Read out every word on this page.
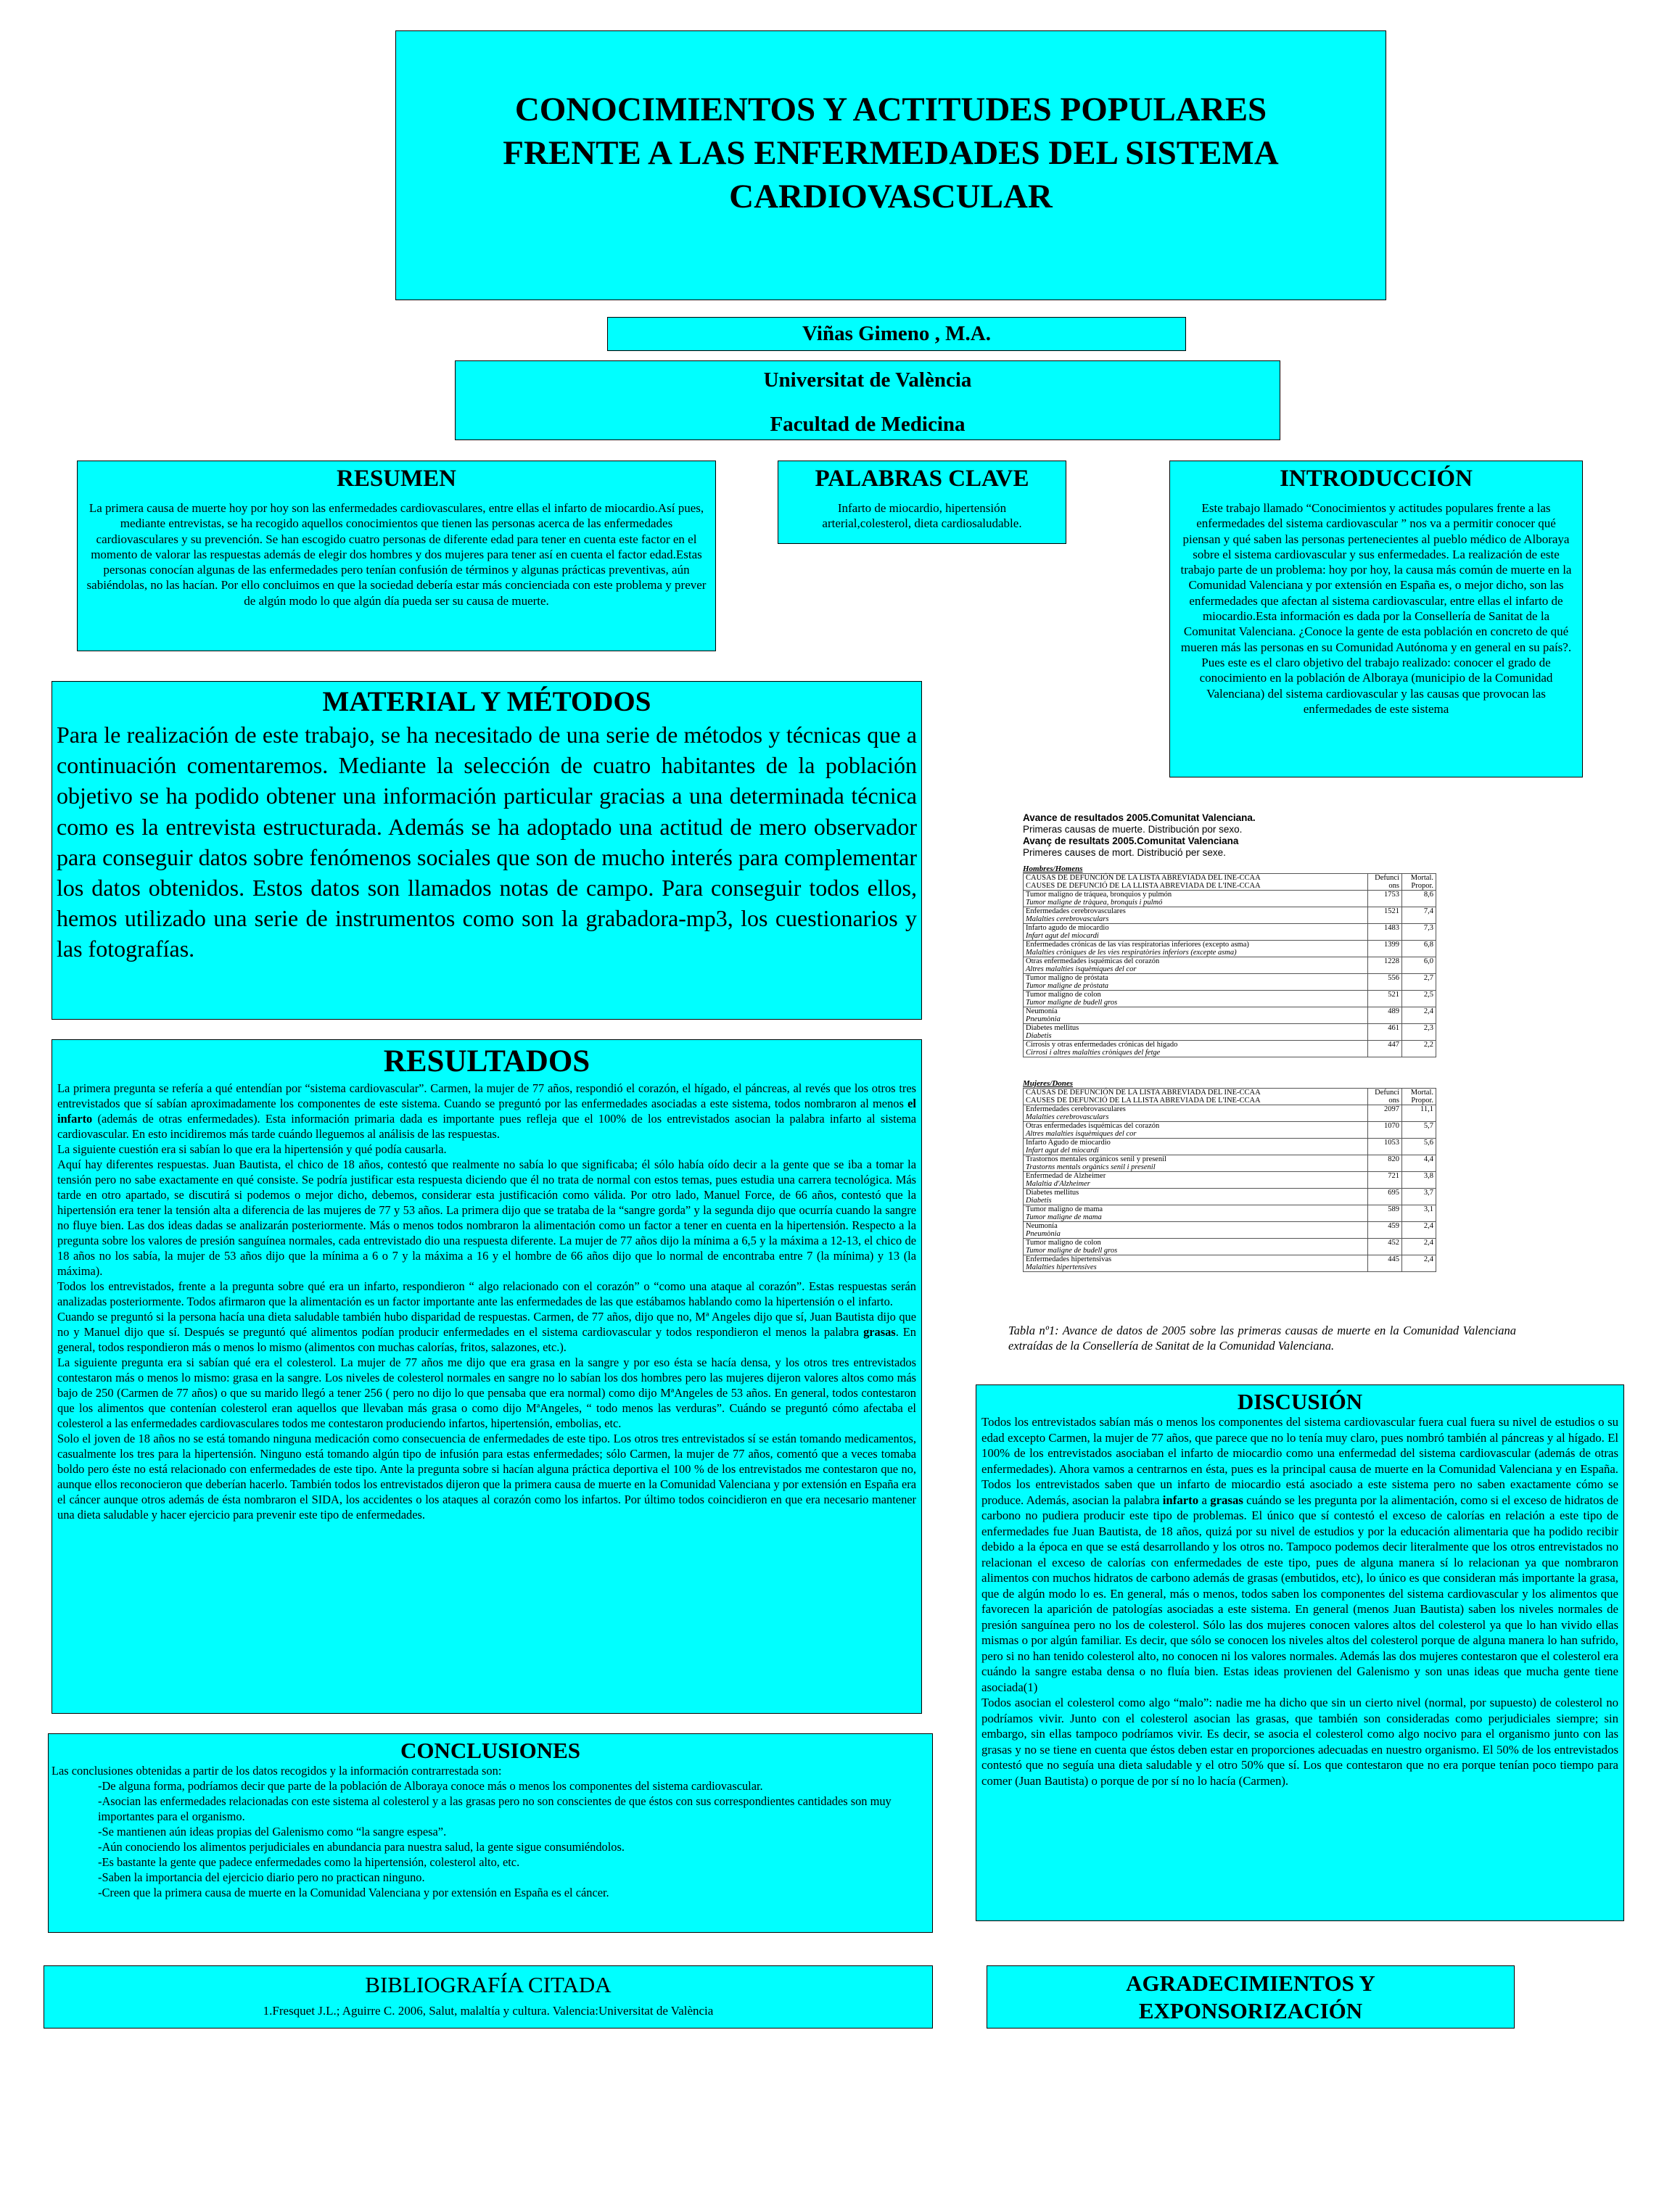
CONOCIMIENTOS Y ACTITUDES POPULARES FRENTE A LAS ENFERMEDADES DEL SISTEMA CARDIOVASCULAR
Viñas Gimeno , M.A.
Universitat de València
Facultad de Medicina
RESUMEN

La primera causa de muerte hoy por hoy son las enfermedades cardiovasculares, entre ellas el infarto de miocardio.Así pues, mediante entrevistas, se ha recogido aquellos conocimientos que tienen las personas acerca de las enfermedades cardiovasculares y su prevención. Se han escogido cuatro personas de diferente edad para tener en cuenta este factor en el momento de valorar las respuestas además de elegir dos hombres y dos mujeres para tener así en cuenta el factor edad.Estas personas conocían algunas de las enfermedades pero tenían confusión de términos y algunas prácticas preventivas, aún sabiéndolas, no las hacían. Por ello concluimos en que la sociedad debería estar más concienciada con este problema y prever de algún modo lo que algún día pueda ser su causa de muerte.

PALABRAS CLAVE

Infarto de miocardio, hipertensión arterial,colesterol, dieta cardiosaludable.

INTRODUCCIÓN

Este trabajo llamado “Conocimientos y actitudes populares frente a las enfermedades del sistema cardiovascular ” nos va a permitir conocer qué piensan y qué saben las personas pertenecientes al pueblo médico de Alboraya sobre el sistema cardiovascular y sus enfermedades. La realización de este trabajo parte de un problema: hoy por hoy, la causa más común de muerte en la Comunidad Valenciana y por extensión en España es, o mejor dicho, son las enfermedades que afectan al sistema cardiovascular, entre ellas el infarto de miocardio.Esta información es dada por la Consellería de Sanitat de la Comunitat Valenciana. ¿Conoce la gente de esta población en concreto de qué mueren más las personas en su Comunidad Autónoma y en general en su país?. Pues este es el claro objetivo del trabajo realizado: conocer el grado de conocimiento en la población de Alboraya (municipio de la Comunidad Valenciana) del sistema cardiovascular y las causas que provocan las enfermedades de este sistema

MATERIAL Y MÉTODOS

Para le realización de este trabajo, se ha necesitado de una serie de métodos y técnicas que a continuación comentaremos. Mediante la selección de cuatro habitantes de la población objetivo se ha podido obtener una información particular gracias a una determinada técnica como es la entrevista estructurada. Además se ha adoptado una actitud de mero observador para conseguir datos sobre fenómenos sociales que son de mucho interés para complementar los datos obtenidos. Estos datos son llamados notas de campo. Para conseguir todos ellos, hemos utilizado una serie de instrumentos como son la grabadora-mp3, los cuestionarios y las fotografías.

RESULTADOS

La primera pregunta se refería a qué entendían por “sistema cardiovascular”. Carmen, la mujer de 77 años, respondió el corazón, el hígado, el páncreas, al revés que los otros tres entrevistados que sí sabían aproximadamente los componentes de este sistema. Cuando se preguntó por las enfermedades asociadas a este sistema, todos nombraron al menos el infarto (además de otras enfermedades). Esta información primaria dada es importante pues refleja que el 100% de los entrevistados asocian la palabra infarto al sistema cardiovascular. En esto incidiremos más tarde cuándo lleguemos al análisis de las respuestas.

La siguiente cuestión era si sabían lo que era la hipertensión y qué podía causarla.

Aquí hay diferentes respuestas. Juan Bautista, el chico de 18 años, contestó que realmente no sabía lo que significaba; él sólo había oído decir a la gente que se iba a tomar la tensión pero no sabe exactamente en qué consiste. Se podría justificar esta respuesta diciendo que él no trata de normal con estos temas, pues estudia una carrera tecnológica. Más tarde en otro apartado, se discutirá si podemos o mejor dicho, debemos, considerar esta justificación como válida. Por otro lado, Manuel Force, de 66 años, contestó que la hipertensión era tener la tensión alta a diferencia de las mujeres de 77 y 53 años. La primera dijo que se trataba de la “sangre gorda” y la segunda dijo que ocurría cuando la sangre no fluye bien. Las dos ideas dadas se analizarán posteriormente. Más o menos todos nombraron la alimentación como un factor a tener en cuenta en la hipertensión. Respecto a la pregunta sobre los valores de presión sanguínea normales, cada entrevistado dio una respuesta diferente. La mujer de 77 años dijo la mínima a 6,5 y la máxima a 12-13, el chico de 18 años no los sabía, la mujer de 53 años dijo que la mínima a 6 o 7 y la máxima a 16 y el hombre de 66 años dijo que lo normal de encontraba entre 7 (la mínima) y 13 (la máxima).

Todos los entrevistados, frente a la pregunta sobre qué era un infarto, respondieron “ algo relacionado con el corazón” o “como una ataque al corazón”. Estas respuestas serán analizadas posteriormente. Todos afirmaron que la alimentación es un factor importante ante las enfermedades de las que estábamos hablando como la hipertensión o el infarto.

Cuando se preguntó si la persona hacía una dieta saludable también hubo disparidad de respuestas. Carmen, de 77 años, dijo que no, Mª Angeles dijo que sí, Juan Bautista dijo que no y Manuel dijo que sí. Después se preguntó qué alimentos podían producir enfermedades en el sistema cardiovascular y todos respondieron el menos la palabra grasas. En general, todos respondieron más o menos lo mismo (alimentos con muchas calorías, fritos, salazones, etc.).

La siguiente pregunta era si sabían qué era el colesterol. La mujer de 77 años me dijo que era grasa en la sangre y por eso ésta se hacía densa, y los otros tres entrevistados contestaron más o menos lo mismo: grasa en la sangre. Los niveles de colesterol normales en sangre no lo sabían los dos hombres pero las mujeres dijeron valores altos como más bajo de 250 (Carmen de 77 años) o que su marido llegó a tener 256 ( pero no dijo lo que pensaba que era normal) como dijo MªAngeles de 53 años. En general, todos contestaron que los alimentos que contenían colesterol eran aquellos que llevaban más grasa o como dijo MªAngeles, “ todo menos las verduras”. Cuándo se preguntó cómo afectaba el colesterol a las enfermedades cardiovasculares todos me contestaron produciendo infartos, hipertensión, embolias, etc.

Solo el joven de 18 años no se está tomando ninguna medicación como consecuencia de enfermedades de este tipo. Los otros tres entrevistados sí se están tomando medicamentos, casualmente los tres para la hipertensión. Ninguno está tomando algún tipo de infusión para estas enfermedades; sólo Carmen, la mujer de 77 años, comentó que a veces tomaba boldo pero éste no está relacionado con enfermedades de este tipo. Ante la pregunta sobre si hacían alguna práctica deportiva el 100 % de los entrevistados me contestaron que no, aunque ellos reconocieron que deberían hacerlo. También todos los entrevistados dijeron que la primera causa de muerte en la Comunidad Valenciana y por extensión en España era el cáncer aunque otros además de ésta nombraron el SIDA, los accidentes o los ataques al corazón como los infartos. Por último todos coincidieron en que era necesario mantener una dieta saludable y hacer ejercicio para prevenir este tipo de enfermedades.

Avance de resultados 2005.Comunitat Valenciana.
Primeras causas de muerte. Distribución por sexo.
Avanç de resultats 2005.Comunitat Valenciana
Primeres causes de mort. Distribució per sexe.
Hombres/Homens
CAUSAS DE DEFUNCIÓN DE LA LISTA ABREVIADA DEL INE-CCAA
CAUSES DE DEFUNCIÓ DE LA LLISTA ABREVIADA DE L'INE-CCAA	Defunci ons	Mortal. Propor.

Tumor maligno de tráquea, bronquios y pulmón
Tumor maligne de tràquea, bronquis i pulmó	1753	8,6

Enfermedades cerebrovasculares
Malalties cerebrovasculars	1521	7,4

Infarto agudo de miocardio
Infart agut del miocardi	1483	7,3

Enfermedades crónicas de las vías respiratorias inferiores (excepto asma)
Malalties cròniques de les vies respiratòries inferiors (excepte asma)	1399	6,8

Otras enfermedades isquémicas del corazón
Altres malalties isquèmiques del cor	1228	6,0

Tumor maligno de próstata
Tumor maligne de pròstata	556	2,7

Tumor maligno de colon
Tumor maligne de budell gros	521	2,5

Neumonía
Pneumònia	489	2,4

Diabetes mellitus
Diabetis	461	2,3

Cirrosis y otras enfermedades crónicas del hígado
Cirrosi i altres malalties cròniques del fetge	447	2,2
Mujeres/Dones
CAUSAS DE DEFUNCIÓN DE LA LISTA ABREVIADA DEL INE-CCAA
CAUSES DE DEFUNCIÓ DE LA LLISTA ABREVIADA DE L'INE-CCAA	Defunci ons	Mortal. Propor.

Enfermedades cerebrovasculares
Malalties cerebrovasculars	2097	11,1

Otras enfermedades isquémicas del corazón
Altres malalties isquèmiques del cor	1070	5,7

Infarto Agudo de miocardio
Infart agut del miocardi	1053	5,6

Trastornos mentales orgánicos senil y presenil
Trastorns mentals orgànics senil i presenil	820	4,4

Enfermedad de Alzheimer
Malaltia d'Alzheimer	721	3,8

Diabetes mellitus
Diabetis	695	3,7

Tumor maligno de mama
Tumor maligne de mama	589	3,1

Neumonía
Pneumònia	459	2,4

Tumor maligno de colon
Tumor maligne de budell gros	452	2,4

Enfermedades hipertensivas
Malalties hipertensives	445	2,4

Tabla nº1: Avance de datos de 2005 sobre las primeras causas de muerte en la Comunidad Valenciana extraídas de la Consellería de Sanitat de la Comunidad Valenciana.

DISCUSIÓN

Todos los entrevistados sabían más o menos los componentes del sistema cardiovascular fuera cual fuera su nivel de estudios o su edad excepto Carmen, la mujer de 77 años, que parece que no lo tenía muy claro, pues nombró también al páncreas y al hígado. El 100% de los entrevistados asociaban el infarto de miocardio como una enfermedad del sistema cardiovascular (además de otras enfermedades). Ahora vamos a centrarnos en ésta, pues es la principal causa de muerte en la Comunidad Valenciana y en España. Todos los entrevistados saben que un infarto de miocardio está asociado a este sistema pero no saben exactamente cómo se produce. Además, asocian la palabra infarto a grasas cuándo se les pregunta por la alimentación, como si el exceso de hidratos de carbono no pudiera producir este tipo de problemas. El único que sí contestó el exceso de calorías en relación a este tipo de enfermedades fue Juan Bautista, de 18 años, quizá por su nivel de estudios y por la educación alimentaria que ha podido recibir debido a la época en que se está desarrollando y los otros no. Tampoco podemos decir literalmente que los otros entrevistados no relacionan el exceso de calorías con enfermedades de este tipo, pues de alguna manera sí lo relacionan ya que nombraron alimentos con muchos hidratos de carbono además de grasas (embutidos, etc), lo único es que consideran más importante la grasa, que de algún modo lo es. En general, más o menos, todos saben los componentes del sistema cardiovascular y los alimentos que favorecen la aparición de patologías asociadas a este sistema. En general (menos Juan Bautista) saben los niveles normales de presión sanguínea pero no los de colesterol. Sólo las dos mujeres conocen valores altos del colesterol ya que lo han vivido ellas mismas o por algún familiar. Es decir, que sólo se conocen los niveles altos del colesterol porque de alguna manera lo han sufrido, pero si no han tenido colesterol alto, no conocen ni los valores normales. Además las dos mujeres contestaron que el colesterol era cuándo la sangre estaba densa o no fluía bien. Estas ideas provienen del Galenismo y son unas ideas que mucha gente tiene asociada(1)

Todos asocian el colesterol como algo “malo”: nadie me ha dicho que sin un cierto nivel (normal, por supuesto) de colesterol no podríamos vivir. Junto con el colesterol asocian las grasas, que también son consideradas como perjudiciales siempre; sin embargo, sin ellas tampoco podríamos vivir. Es decir, se asocia el colesterol como algo nocivo para el organismo junto con las grasas y no se tiene en cuenta que éstos deben estar en proporciones adecuadas en nuestro organismo. El 50% de los entrevistados contestó que no seguía una dieta saludable y el otro 50% que sí. Los que contestaron que no era porque tenían poco tiempo para comer (Juan Bautista) o porque de por sí no lo hacía (Carmen).

CONCLUSIONES

Las conclusiones obtenidas a partir de los datos recogidos y la información contrarrestada son:

-De alguna forma, podríamos decir que parte de la población de Alboraya conoce más o menos los componentes del sistema cardiovascular.
-Asocian las enfermedades relacionadas con este sistema al colesterol y a las grasas pero no son conscientes de que éstos con sus correspondientes cantidades son muy importantes para el organismo.
-Se mantienen aún ideas propias del Galenismo como “la sangre espesa”.
-Aún conociendo los alimentos perjudiciales en abundancia para nuestra salud, la gente sigue consumiéndolos.
-Es bastante la gente que padece enfermedades como la hipertensión, colesterol alto, etc.
-Saben la importancia del ejercicio diario pero no practican ninguno.
-Creen que la primera causa de muerte en la Comunidad Valenciana y por extensión en España es el cáncer.
BIBLIOGRAFÍA CITADA
1.Fresquet J.L.; Aguirre C. 2006, Salut, malaltía y cultura. Valencia:Universitat de València
AGRADECIMIENTOS Y EXPONSORIZACIÓN
